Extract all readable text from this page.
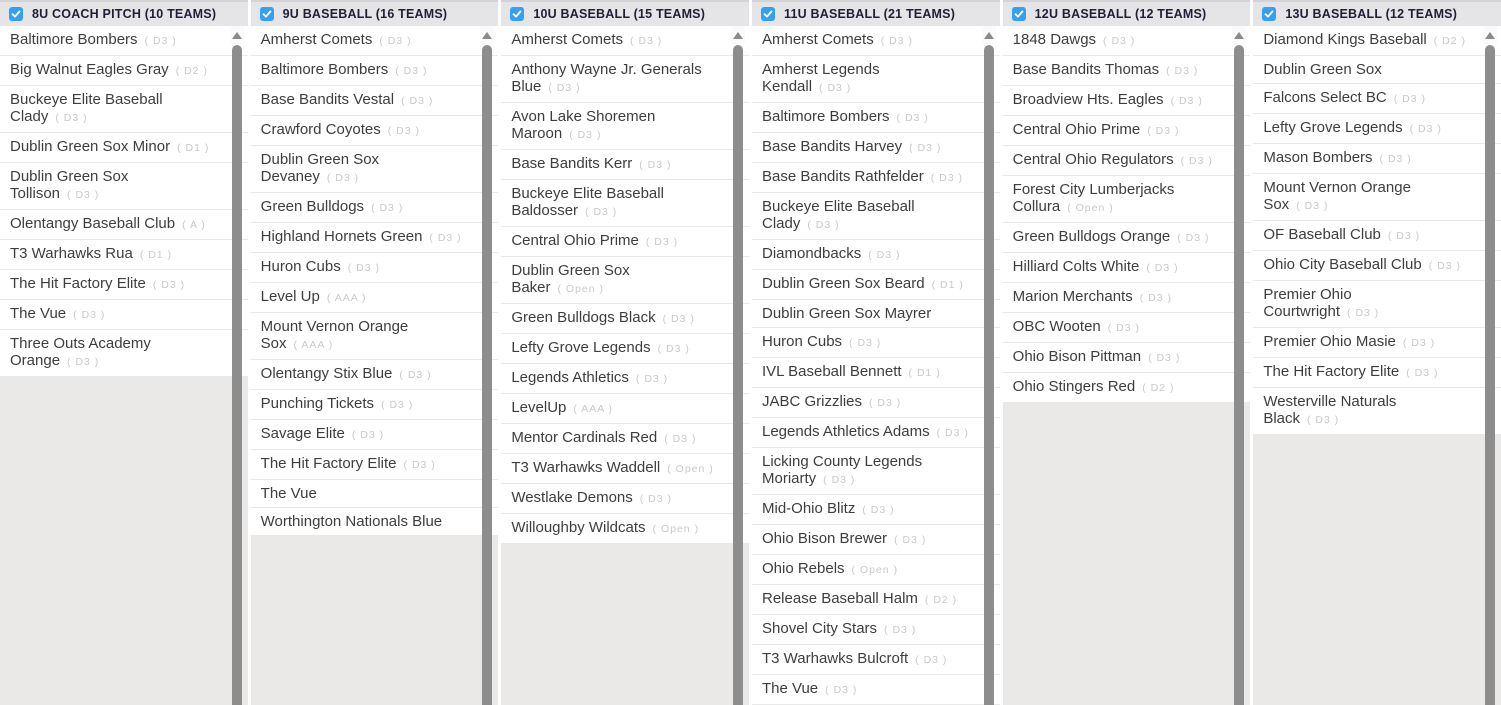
8U COACH PITCH (10 TEAMS)
Baltimore Bombers ( D3 )
Big Walnut Eagles Gray ( D2 )
Buckeye Elite Baseball Clady ( D3 )
Dublin Green Sox Minor ( D1 )
Dublin Green Sox Tollison ( D3 )
Olentangy Baseball Club ( A )
T3 Warhawks Rua ( D1 )
The Hit Factory Elite ( D3 )
The Vue ( D3 )
Three Outs Academy Orange ( D3 )
9U BASEBALL (16 TEAMS)
Amherst Comets ( D3 )
Baltimore Bombers ( D3 )
Base Bandits Vestal ( D3 )
Crawford Coyotes ( D3 )
Dublin Green Sox Devaney ( D3 )
Green Bulldogs ( D3 )
Highland Hornets Green ( D3 )
Huron Cubs ( D3 )
Level Up ( AAA )
Mount Vernon Orange Sox ( AAA )
Olentangy Stix Blue ( D3 )
Punching Tickets ( D3 )
Savage Elite ( D3 )
The Hit Factory Elite ( D3 )
The Vue
Worthington Nationals Blue
10U BASEBALL (15 TEAMS)
Amherst Comets ( D3 )
Anthony Wayne Jr. Generals Blue ( D3 )
Avon Lake Shoremen Maroon ( D3 )
Base Bandits Kerr ( D3 )
Buckeye Elite Baseball Baldosser ( D3 )
Central Ohio Prime ( D3 )
Dublin Green Sox Baker ( Open )
Green Bulldogs Black ( D3 )
Lefty Grove Legends ( D3 )
Legends Athletics ( D3 )
LevelUp ( AAA )
Mentor Cardinals Red ( D3 )
T3 Warhawks Waddell ( Open )
Westlake Demons ( D3 )
Willoughby Wildcats ( Open )
11U BASEBALL (21 TEAMS)
Amherst Comets ( D3 )
Amherst Legends Kendall ( D3 )
Baltimore Bombers ( D3 )
Base Bandits Harvey ( D3 )
Base Bandits Rathfelder ( D3 )
Buckeye Elite Baseball Clady ( D3 )
Diamondbacks ( D3 )
Dublin Green Sox Beard ( D1 )
Dublin Green Sox Mayrer
Huron Cubs ( D3 )
IVL Baseball Bennett ( D1 )
JABC Grizzlies ( D3 )
Legends Athletics Adams ( D3 )
Licking County Legends Moriarty ( D3 )
Mid-Ohio Blitz ( D3 )
Ohio Bison Brewer ( D3 )
Ohio Rebels ( Open )
Release Baseball Halm ( D2 )
Shovel City Stars ( D3 )
T3 Warhawks Bulcroft ( D3 )
The Vue ( D3 )
12U BASEBALL (12 TEAMS)
1848 Dawgs ( D3 )
Base Bandits Thomas ( D3 )
Broadview Hts. Eagles ( D3 )
Central Ohio Prime ( D3 )
Central Ohio Regulators ( D3 )
Forest City Lumberjacks Collura ( Open )
Green Bulldogs Orange ( D3 )
Hilliard Colts White ( D3 )
Marion Merchants ( D3 )
OBC Wooten ( D3 )
Ohio Bison Pittman ( D3 )
Ohio Stingers Red ( D2 )
13U BASEBALL (12 TEAMS)
Diamond Kings Baseball ( D2 )
Dublin Green Sox
Falcons Select BC ( D3 )
Lefty Grove Legends ( D3 )
Mason Bombers ( D3 )
Mount Vernon Orange Sox ( D3 )
OF Baseball Club ( D3 )
Ohio City Baseball Club ( D3 )
Premier Ohio Courtwright ( D3 )
Premier Ohio Masie ( D3 )
The Hit Factory Elite ( D3 )
Westerville Naturals Black ( D3 )
